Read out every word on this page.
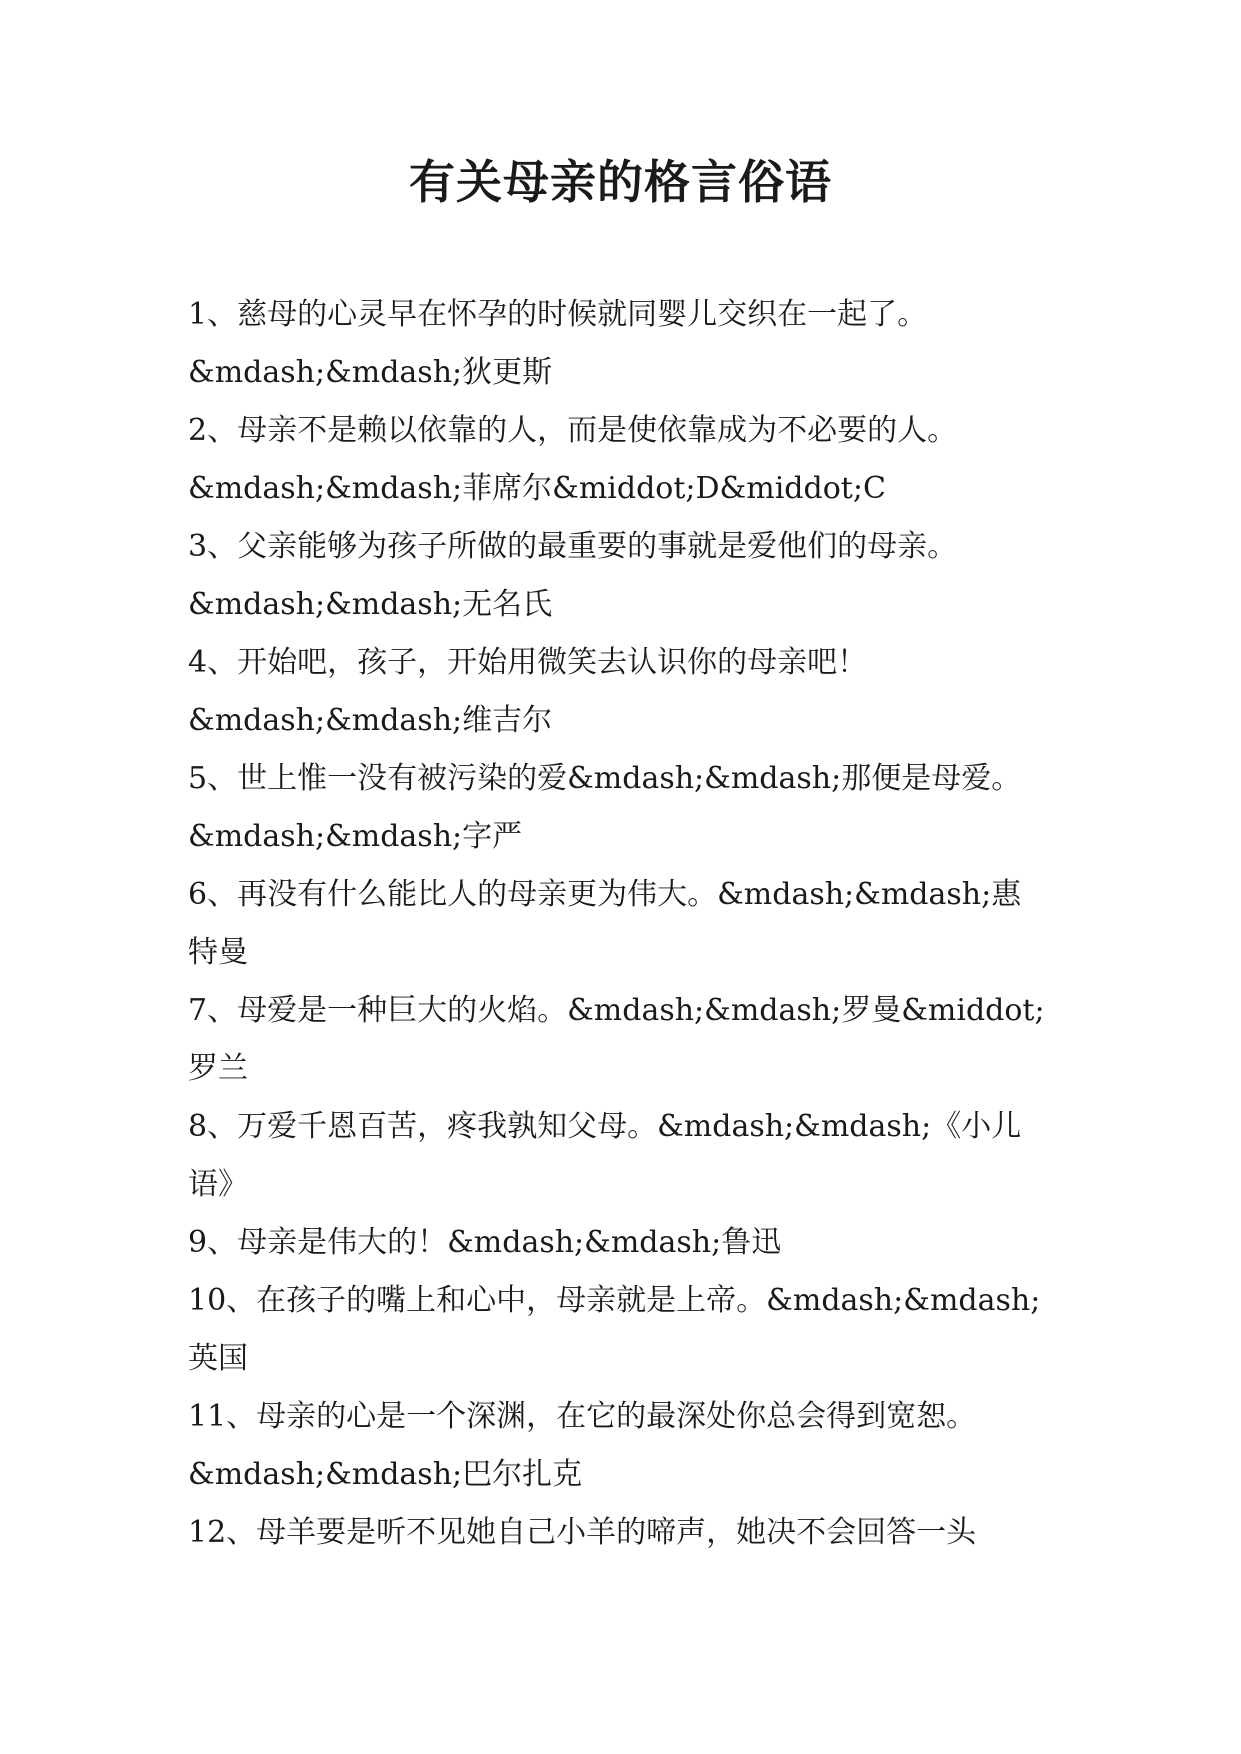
有关母亲的格言俗语

1、慈母的心灵早在怀孕的时候就同婴儿交织在一起了。

&mdash;&mdash;狄更斯

2、母亲不是赖以依靠的人，而是使依靠成为不必要的人。

&mdash;&mdash;菲席尔&middot;D&middot;C

3、父亲能够为孩子所做的最重要的事就是爱他们的母亲。

&mdash;&mdash;无名氏

4、开始吧，孩子，开始用微笑去认识你的母亲吧！

&mdash;&mdash;维吉尔

5、世上惟一没有被污染的爱&mdash;&mdash;那便是母爱。

&mdash;&mdash;字严

6、再没有什么能比人的母亲更为伟大。&mdash;&mdash;惠

特曼

7、母爱是一种巨大的火焰。&mdash;&mdash;罗曼&middot;

罗兰

8、万爱千恩百苦，疼我孰知父母。&mdash;&mdash;《小儿

语》

9、母亲是伟大的！&mdash;&mdash;鲁迅

10、在孩子的嘴上和心中，母亲就是上帝。&mdash;&mdash;

英国

11、母亲的心是一个深渊，在它的最深处你总会得到宽恕。

&mdash;&mdash;巴尔扎克

12、母羊要是听不见她自己小羊的啼声，她决不会回答一头
